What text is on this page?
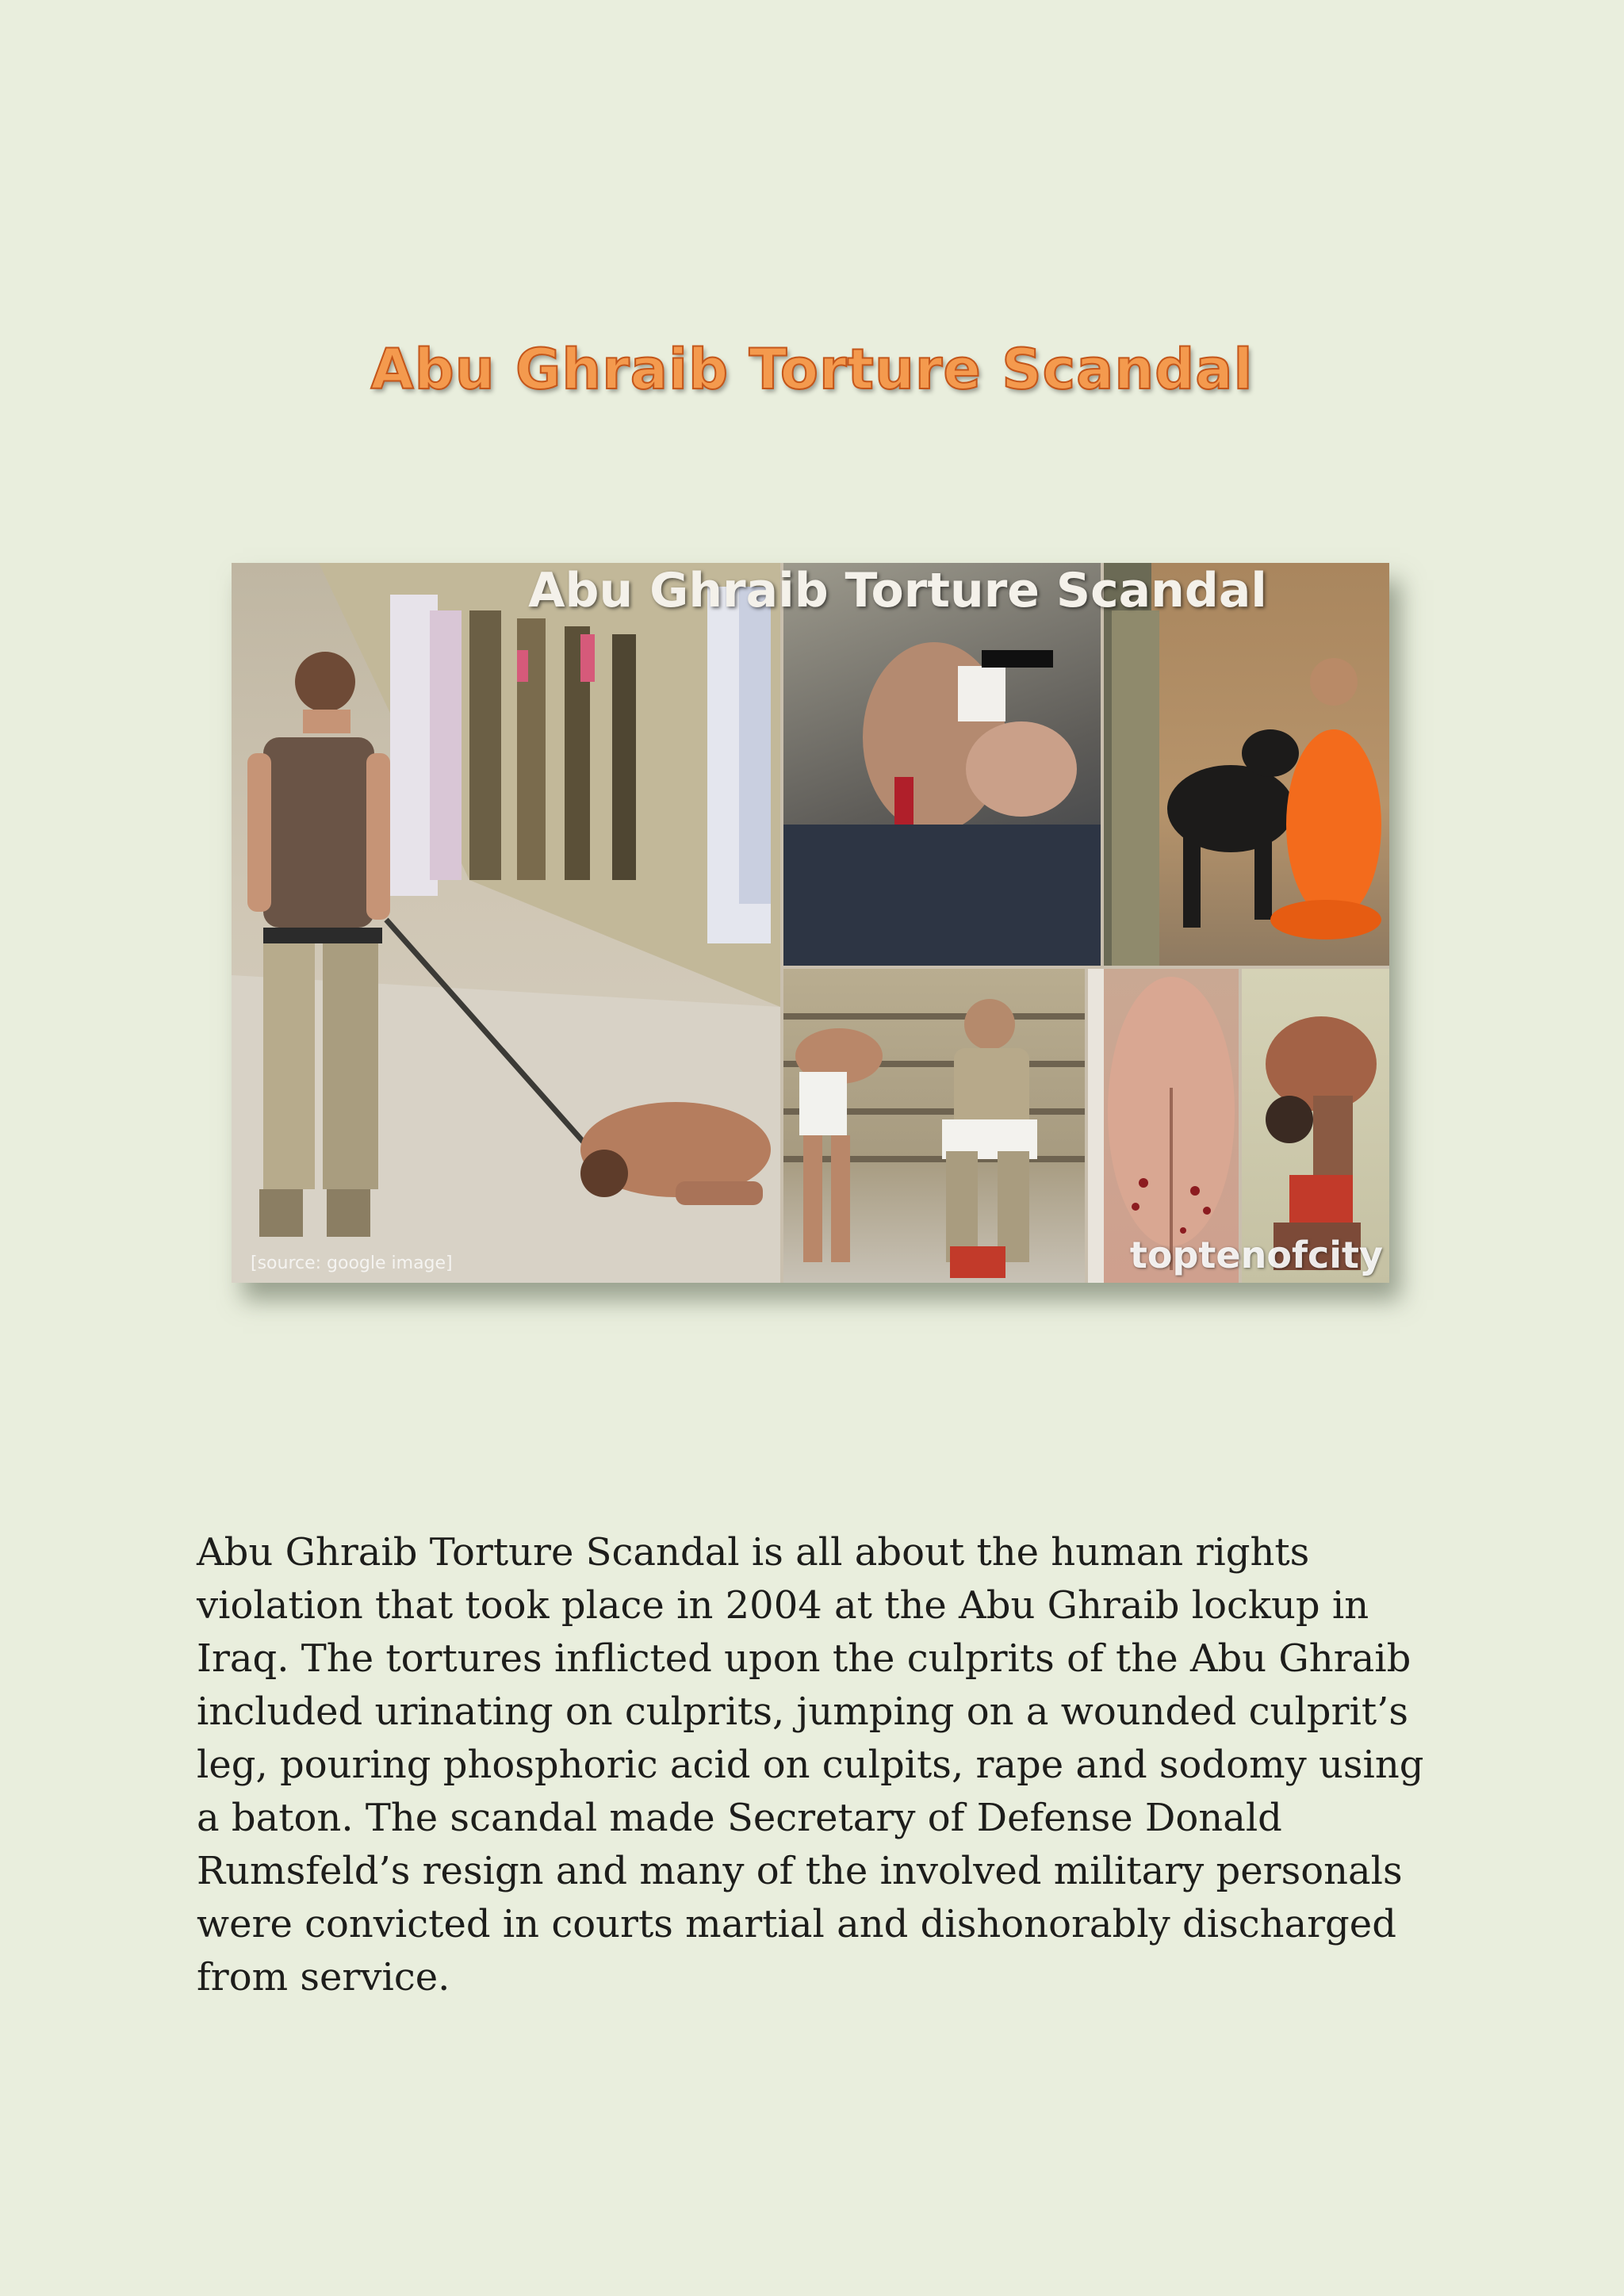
Abu Ghraib Torture Scandal
[source: google image]
Abu Ghraib Torture Scandal
toptenofcity

Abu Ghraib Torture Scandal is all about the human rights violation that took place in 2004 at the Abu Ghraib lockup in Iraq. The tortures inflicted upon the culprits of the Abu Ghraib included urinating on culprits, jumping on a wounded culprit’s leg, pouring phosphoric acid on culpits, rape and sodomy using a baton. The scandal made Secretary of Defense Donald Rumsfeld’s resign and many of the involved military personals were convicted in courts martial and dishonorably discharged from service.
